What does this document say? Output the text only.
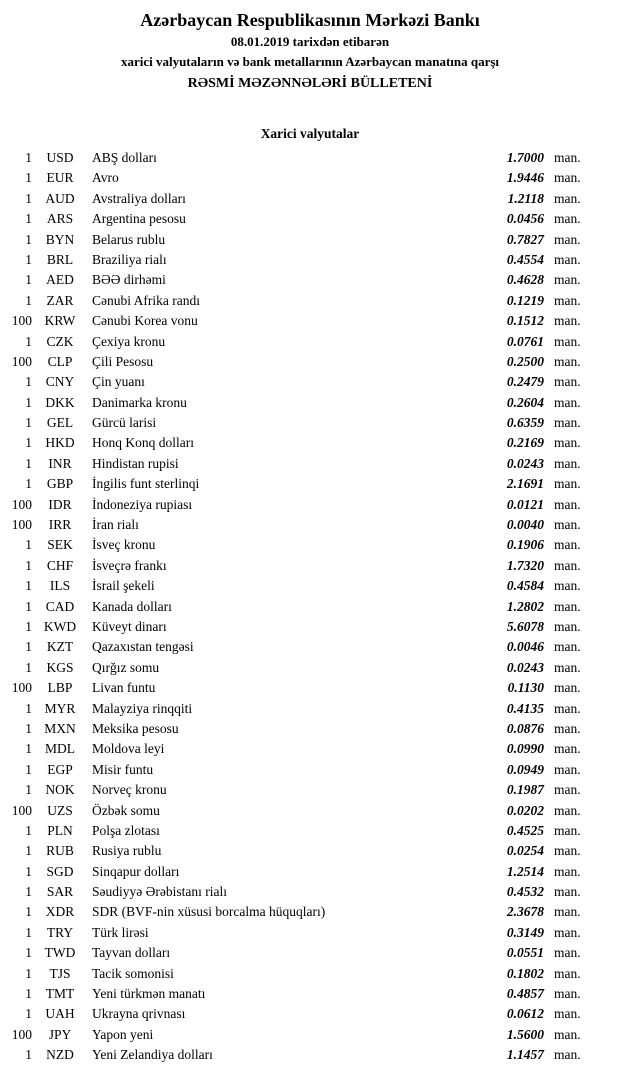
Azərbaycan Respublikasının Mərkəzi Bankı
08.01.2019 tarixdən etibarən
xarici valyutaların və bank metallarının Azərbaycan manatına qarşı
RƏSMİ MƏZƏNNƏLƏRİ BÜLLETENİ
Xarici valyutalar
1	USD	ABŞ dolları	1.7000 man.
1	EUR	Avro	1.9446 man.
1 AUD	Avstraliya dolları	1.2118 man.
1	ARS	Argentina pesosu	0.0456 man.
1	BYN	Belarus rublu	0.7827 man.
1	BRL	Braziliya rialı	0.4554 man.
1	AED	BƏƏ dirhəmi	0.4628 man.
1	ZAR	Cənubi Afrika randı	0.1219 man.
100 KRW	Cənubi Korea vonu	0.1512 man.
1	CZK	Çexiya kronu	0.0761 man.
100	CLP	Çili Pesosu	0.2500 man.
1	CNY	Çin yuanı	0.2479 man.
1 DKK	Danimarka kronu	0.2604 man.
1	GEL	Gürcü larisi	0.6359 man.
1 HKD	Honq Konq dolları	0.2169 man.
1	INR	Hindistan rupisi	0.0243 man.
1	GBP	İngilis funt sterlinqi	2.1691 man.
100	IDR	İndoneziya rupiası	0.0121 man.
100	IRR	İran rialı	0.0040 man.
1	SEK	İsveç kronu	0.1906 man.
1	CHF	İsveçrə frankı	1.7320 man.
1	ILS	İsrail şekeli	0.4584 man.
1	CAD	Kanada dolları	1.2802 man.
1 KWD	Küveyt dinarı	5.6078 man.
1	KZT	Qazaxıstan tengəsi	0.0046 man.
1	KGS	Qırğız somu	0.0243 man.
100	LBP	Livan funtu	0.1130 man.
1 MYR	Malayziya rinqqiti	0.4135 man.
1 MXN	Meksika pesosu	0.0876 man.
1 MDL	Moldova leyi	0.0990 man.
1	EGP	Misir funtu	0.0949 man.
1 NOK	Norveç kronu	0.1987 man.
100	UZS	Özbək somu	0.0202 man.
1	PLN	Polşa zlotası	0.4525 man.
1	RUB	Rusiya rublu	0.0254 man.
1	SGD	Sinqapur dolları	1.2514 man.
1	SAR	Səudiyyə Ərəbistanı rialı	0.4532 man.
1	XDR	SDR (BVF-nin xüsusi borcalma hüquqları)	2.3678 man.
1	TRY	Türk lirəsi	0.3149 man.
1 TWD	Tayvan dolları	0.0551 man.
1	TJS	Tacik somonisi	0.1802 man.
1	TMT	Yeni türkmən manatı	0.4857 man.
1 UAH	Ukrayna qrivnası	0.0612 man.
100	JPY	Yapon yeni	1.5600 man.
1	NZD	Yeni Zelandiya dolları	1.1457 man.
